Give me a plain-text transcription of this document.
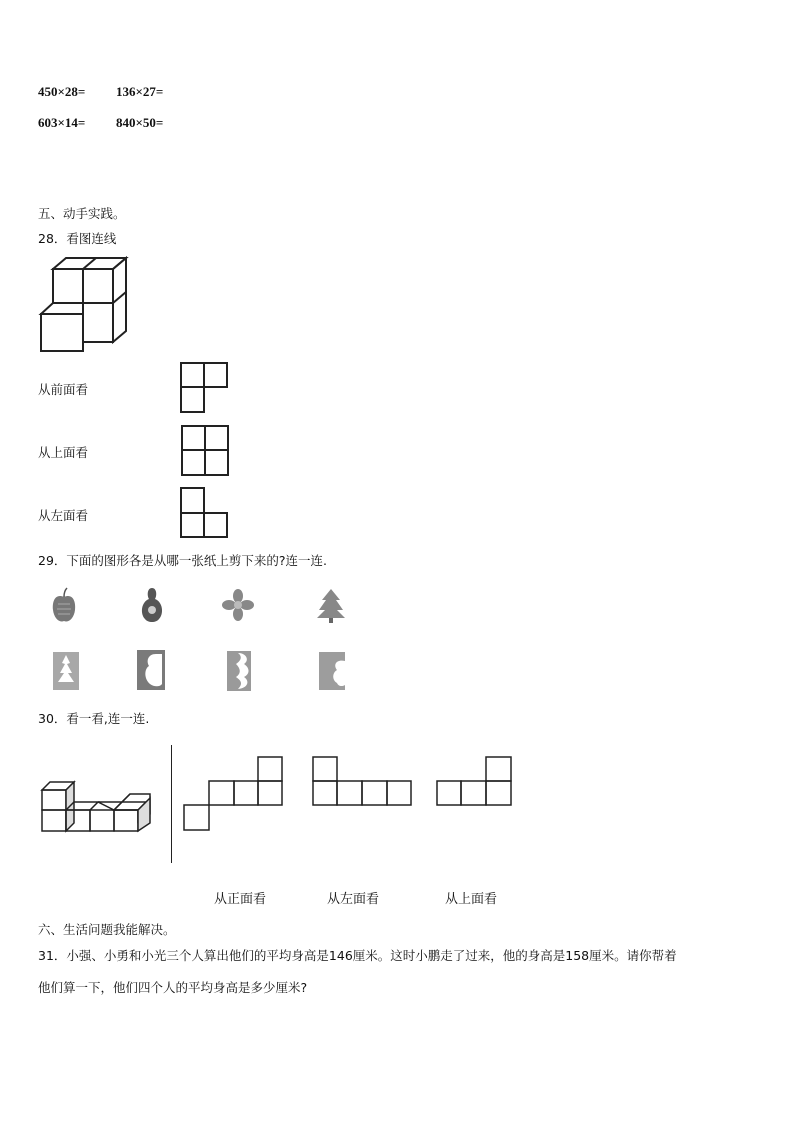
450×28= 136×27=
603×14= 840×50=
五、动手实践。
28．看图连线
从前面看
从上面看
从左面看
29．下面的图形各是从哪一张纸上剪下来的?连一连.
30．看一看,连一连.
从正面看	从左面看	从上面看
六、生活问题我能解决。
31．小强、小勇和小光三个人算出他们的平均身高是146厘米。这时小鹏走了过来，他的身高是158厘米。请你帮着
他们算一下，他们四个人的平均身高是多少厘米?
